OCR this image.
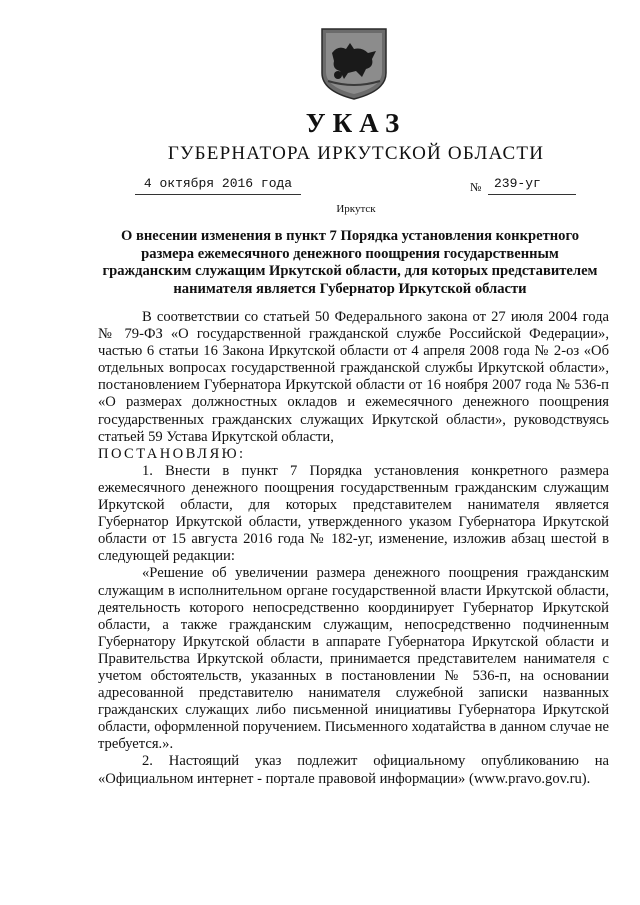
УКАЗ
ГУБЕРНАТОРА ИРКУТСКОЙ ОБЛАСТИ
4 октября 2016 года	№ 239-уг
Иркутск
О внесении изменения в пункт 7 Порядка установления конкретного размера ежемесячного денежного поощрения государственным гражданским служащим Иркутской области, для которых представителем нанимателя является Губернатор Иркутской области

В соответствии со статьей 50 Федерального закона от 27 июля 2004 года № 79-ФЗ «О государственной гражданской службе Российской Федерации», частью 6 статьи 16 Закона Иркутской области от 4 апреля 2008 года № 2-оз «Об отдельных вопросах государственной гражданской службы Иркутской области», постановлением Губернатора Иркутской области от 16 ноября 2007 года № 536-п «О размерах должностных окладов и ежемесячного денежного поощрения государственных гражданских служащих Иркутской области», руководствуясь статьей 59 Устава Иркутской области,

ПОСТАНОВЛЯЮ:

1. Внести в пункт 7 Порядка установления конкретного размера ежемесячного денежного поощрения государственным гражданским служащим Иркутской области, для которых представителем нанимателя является Губернатор Иркутской области, утвержденного указом Губернатора Иркутской области от 15 августа 2016 года № 182-уг, изменение, изложив абзац шестой в следующей редакции:

«Решение об увеличении размера денежного поощрения гражданским служащим в исполнительном органе государственной власти Иркутской области, деятельность которого непосредственно координирует Губернатор Иркутской области, а также гражданским служащим, непосредственно подчиненным Губернатору Иркутской области в аппарате Губернатора Иркутской области и Правительства Иркутской области, принимается представителем нанимателя с учетом обстоятельств, указанных в постановлении № 536-п, на основании адресованной представителю нанимателя служебной записки названных гражданских служащих либо письменной инициативы Губернатора Иркутской области, оформленной поручением. Письменного ходатайства в данном случае не требуется.».

2. Настоящий указ подлежит официальному опубликованию на «Официальном интернет - портале правовой информации» (www.pravo.gov.ru).
